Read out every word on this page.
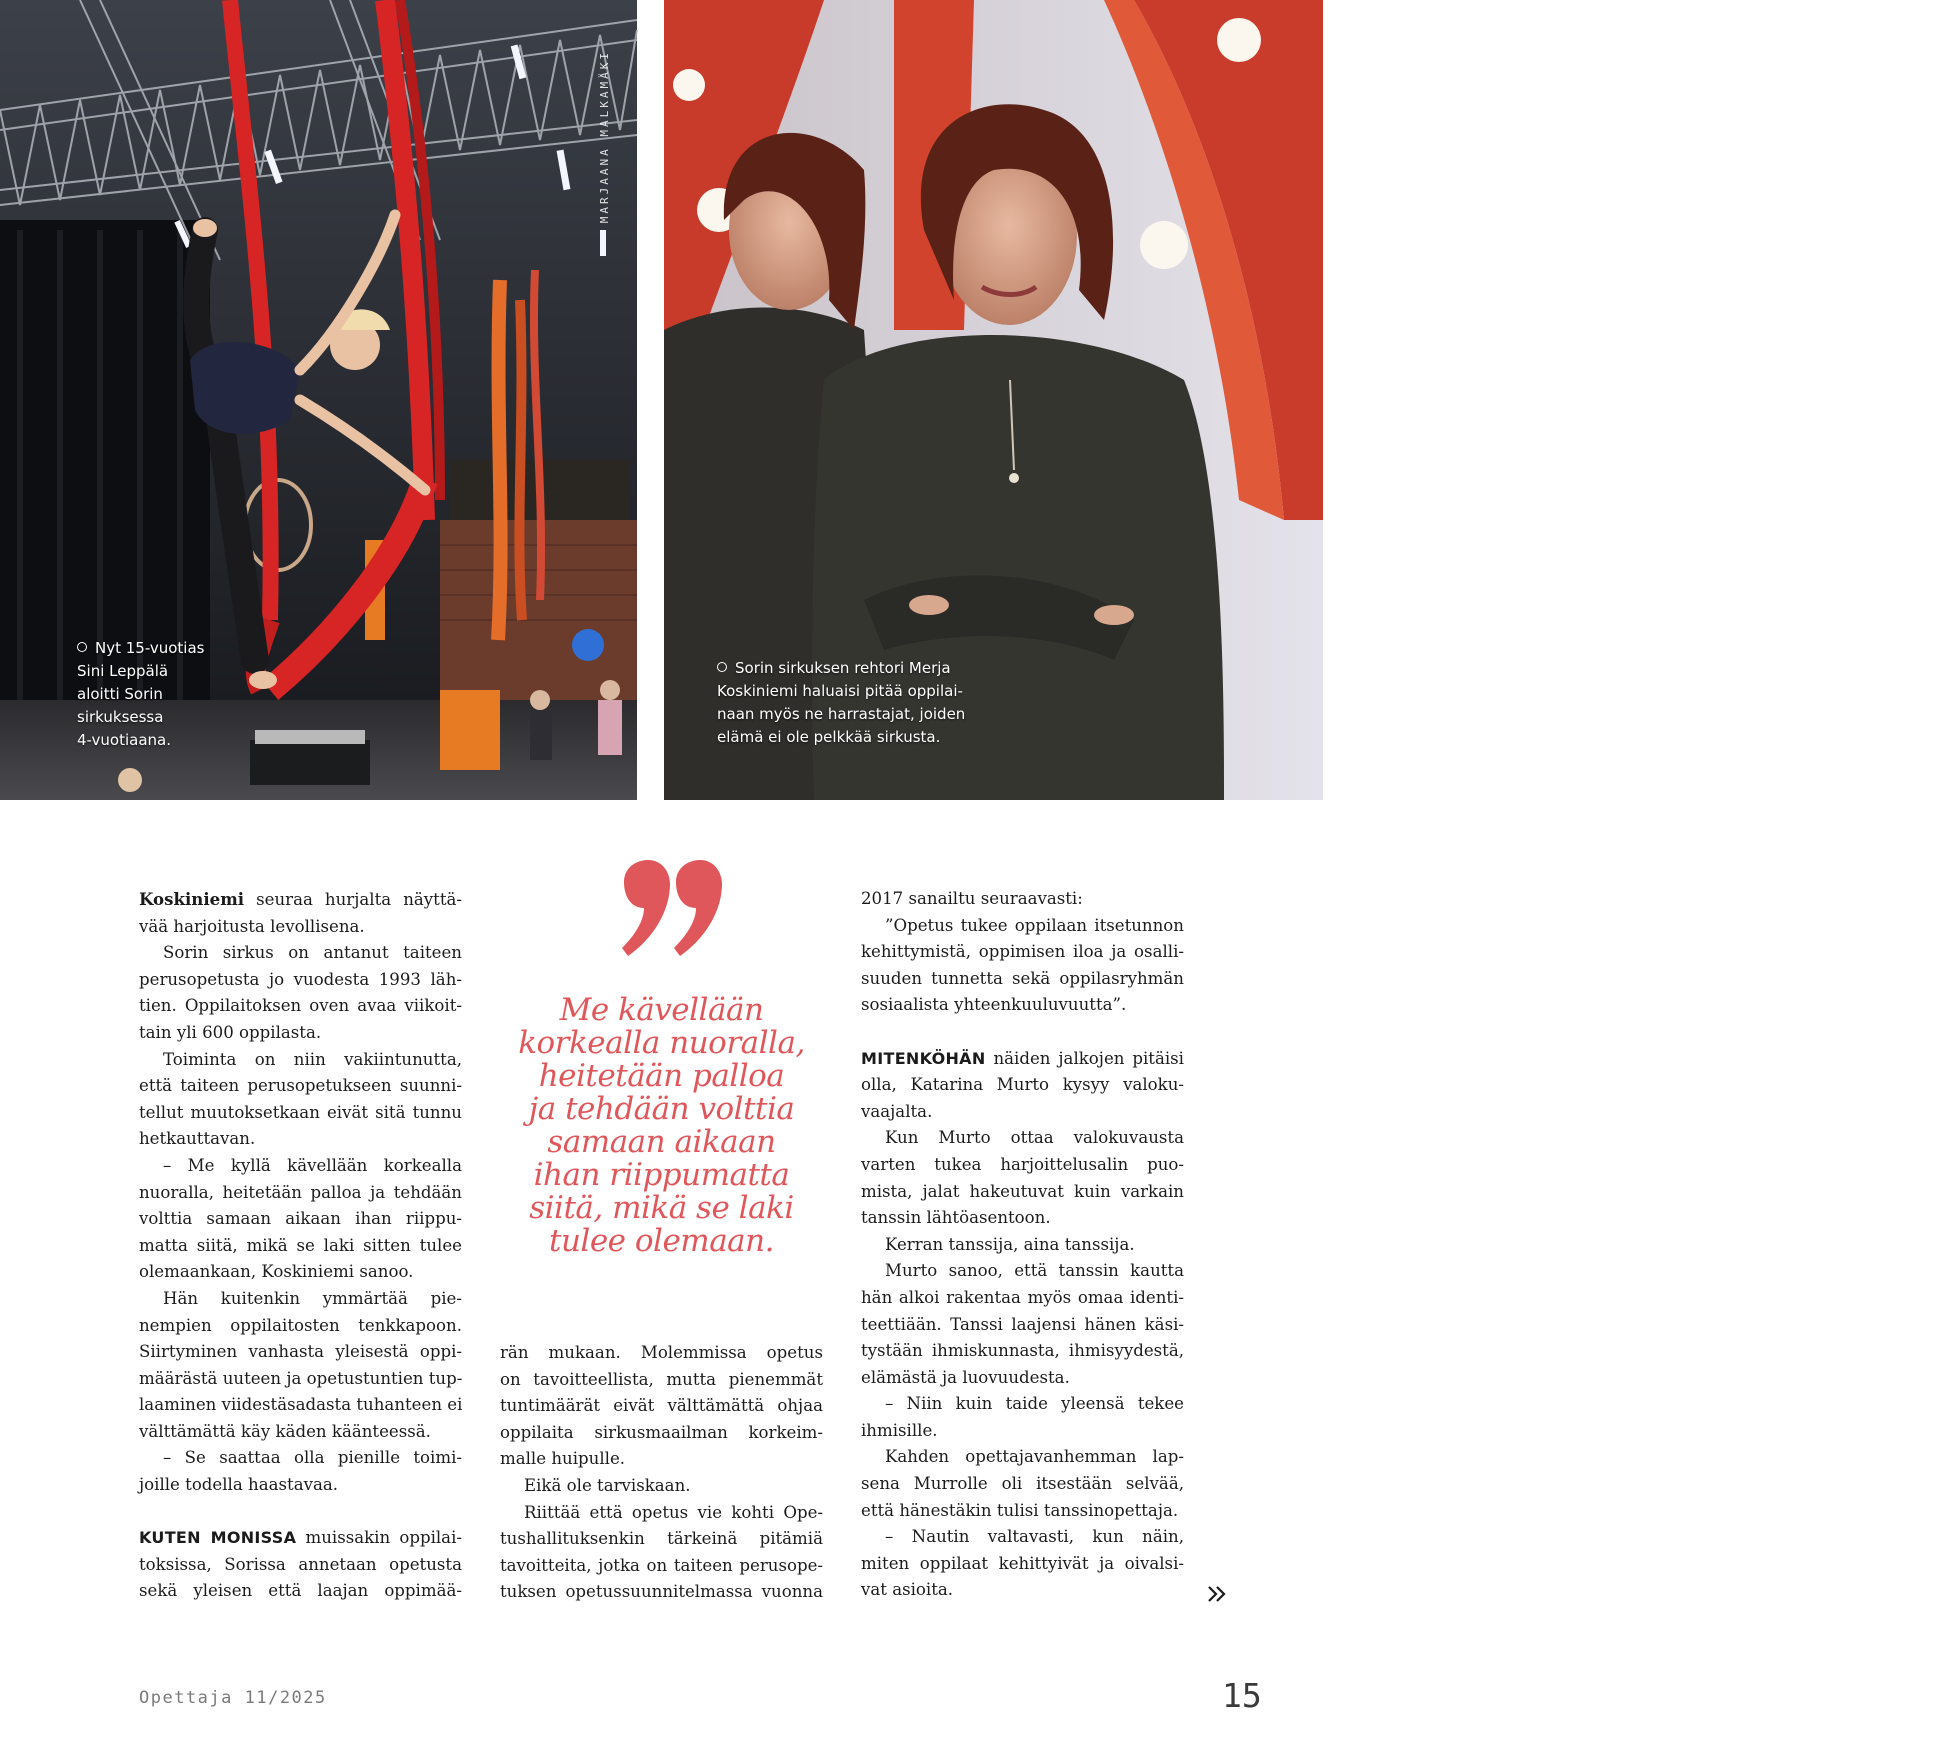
MARJAANA MALKAMÄKI
Nyt 15-vuotias
Sini Leppälä
aloitti Sorin
sirkuksessa
4-vuotiaana.
MARJAANA MALKAMÄKI
Sorin sirkuksen rehtori Merja
Koskiniemi haluaisi pitää oppilai-
naan myös ne harrastajat, joiden
elämä ei ole pelkkää sirkusta.
Koskiniemi seuraa hurjalta näyttä-
vää harjoitusta levollisena.
Sorin sirkus on antanut taiteen
perusopetusta jo vuodesta 1993 läh-
tien. Oppilaitoksen oven avaa viikoit-
tain yli 600 oppilasta.
Toiminta on niin vakiintunutta,
että taiteen perusopetukseen suunni-
tellut muutoksetkaan eivät sitä tunnu
hetkauttavan.
– Me kyllä kävellään korkealla
nuoralla, heitetään palloa ja tehdään
volttia samaan aikaan ihan riippu-
matta siitä, mikä se laki sitten tulee
olemaankaan, Koskiniemi sanoo.
Hän kuitenkin ymmärtää pie-
nempien oppilaitosten tenkkapoon.
Siirtyminen vanhasta yleisestä oppi-
määrästä uuteen ja opetustuntien tup-
laaminen viidestäsadasta tuhanteen ei
välttämättä käy käden käänteessä.
– Se saattaa olla pienille toimi-
joille todella haastavaa.
KUTEN MONISSA muissakin oppilai-
toksissa, Sorissa annetaan opetusta
sekä yleisen että laajan oppimää-
Me kävellään
korkealla nuoralla,
heitetään palloa
ja tehdään volttia
samaan aikaan
ihan riippumatta
siitä, mikä se laki
tulee olemaan.
rän mukaan. Molemmissa opetus
on tavoitteellista, mutta pienemmät
tuntimäärät eivät välttämättä ohjaa
oppilaita sirkusmaailman korkeim-
malle huipulle.
Eikä ole tarviskaan.
Riittää että opetus vie kohti Ope-
tushallituksenkin tärkeinä pitämiä
tavoitteita, jotka on taiteen perusope-
tuksen opetussuunnitelmassa vuonna
2017 sanailtu seuraavasti:
”Opetus tukee oppilaan itsetunnon
kehittymistä, oppimisen iloa ja osalli-
suuden tunnetta sekä oppilasryhmän
sosiaalista yhteenkuuluvuutta”.
MITENKÖHÄN näiden jalkojen pitäisi
olla, Katarina Murto kysyy valoku-
vaajalta.
Kun Murto ottaa valokuvausta
varten tukea harjoittelusalin puo-
mista, jalat hakeutuvat kuin varkain
tanssin lähtöasentoon.
Kerran tanssija, aina tanssija.
Murto sanoo, että tanssin kautta
hän alkoi rakentaa myös omaa identi-
teettiään. Tanssi laajensi hänen käsi-
tystään ihmiskunnasta, ihmisyydestä,
elämästä ja luovuudesta.
– Niin kuin taide yleensä tekee
ihmisille.
Kahden opettajavanhemman lap-
sena Murrolle oli itsestään selvää,
että hänestäkin tulisi tanssinopettaja.
– Nautin valtavasti, kun näin,
miten oppilaat kehittyivät ja oivalsi-
vat asioita.
Opettaja 11/2025	15
